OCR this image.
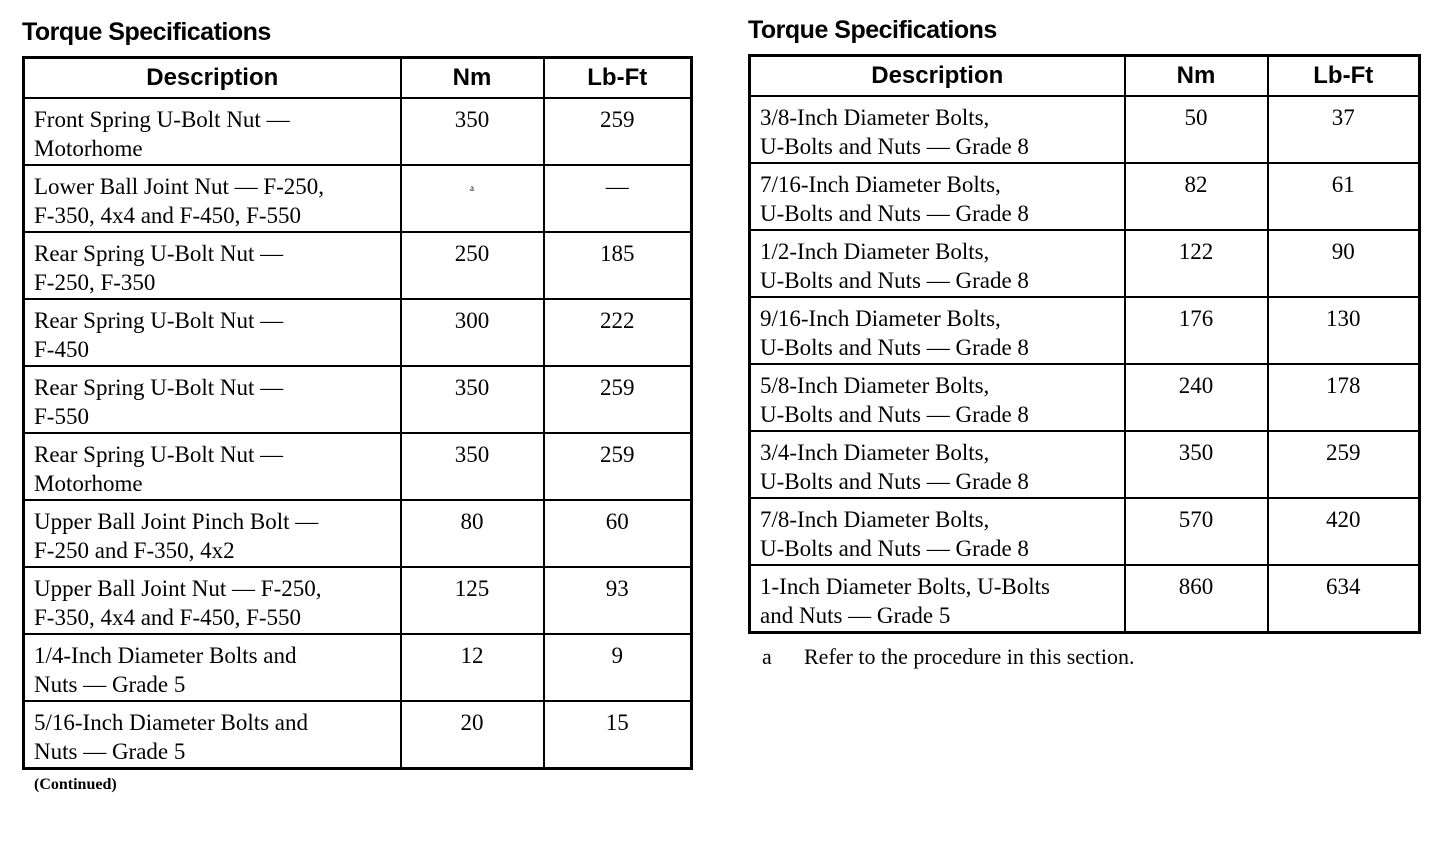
Torque Specifications
Description	Nm	Lb-Ft

Front Spring U-Bolt Nut —
Motorhome	350	259

Lower Ball Joint Nut — F-250,
F-350, 4x4 and F-450, F-550	$^a$	—

Rear Spring U-Bolt Nut —
F-250, F-350	250	185

Rear Spring U-Bolt Nut —
F-450	300	222

Rear Spring U-Bolt Nut —
F-550	350	259

Rear Spring U-Bolt Nut —
Motorhome	350	259

Upper Ball Joint Pinch Bolt —
F-250 and F-350, 4x2	80	60

Upper Ball Joint Nut — F-250,
F-350, 4x4 and F-450, F-550	125	93

1/4-Inch Diameter Bolts and
Nuts — Grade 5	12	9

5/16-Inch Diameter Bolts and
Nuts — Grade 5	20	15
(Continued)
Torque Specifications
Description	Nm	Lb-Ft

3/8-Inch Diameter Bolts,
U-Bolts and Nuts — Grade 8	50	37

7/16-Inch Diameter Bolts,
U-Bolts and Nuts — Grade 8	82	61

1/2-Inch Diameter Bolts,
U-Bolts and Nuts — Grade 8	122	90

9/16-Inch Diameter Bolts,
U-Bolts and Nuts — Grade 8	176	130

5/8-Inch Diameter Bolts,
U-Bolts and Nuts — Grade 8	240	178

3/4-Inch Diameter Bolts,
U-Bolts and Nuts — Grade 8	350	259

7/8-Inch Diameter Bolts,
U-Bolts and Nuts — Grade 8	570	420

1-Inch Diameter Bolts, U-Bolts
and Nuts — Grade 5	860	634
a	Refer to the procedure in this section.
